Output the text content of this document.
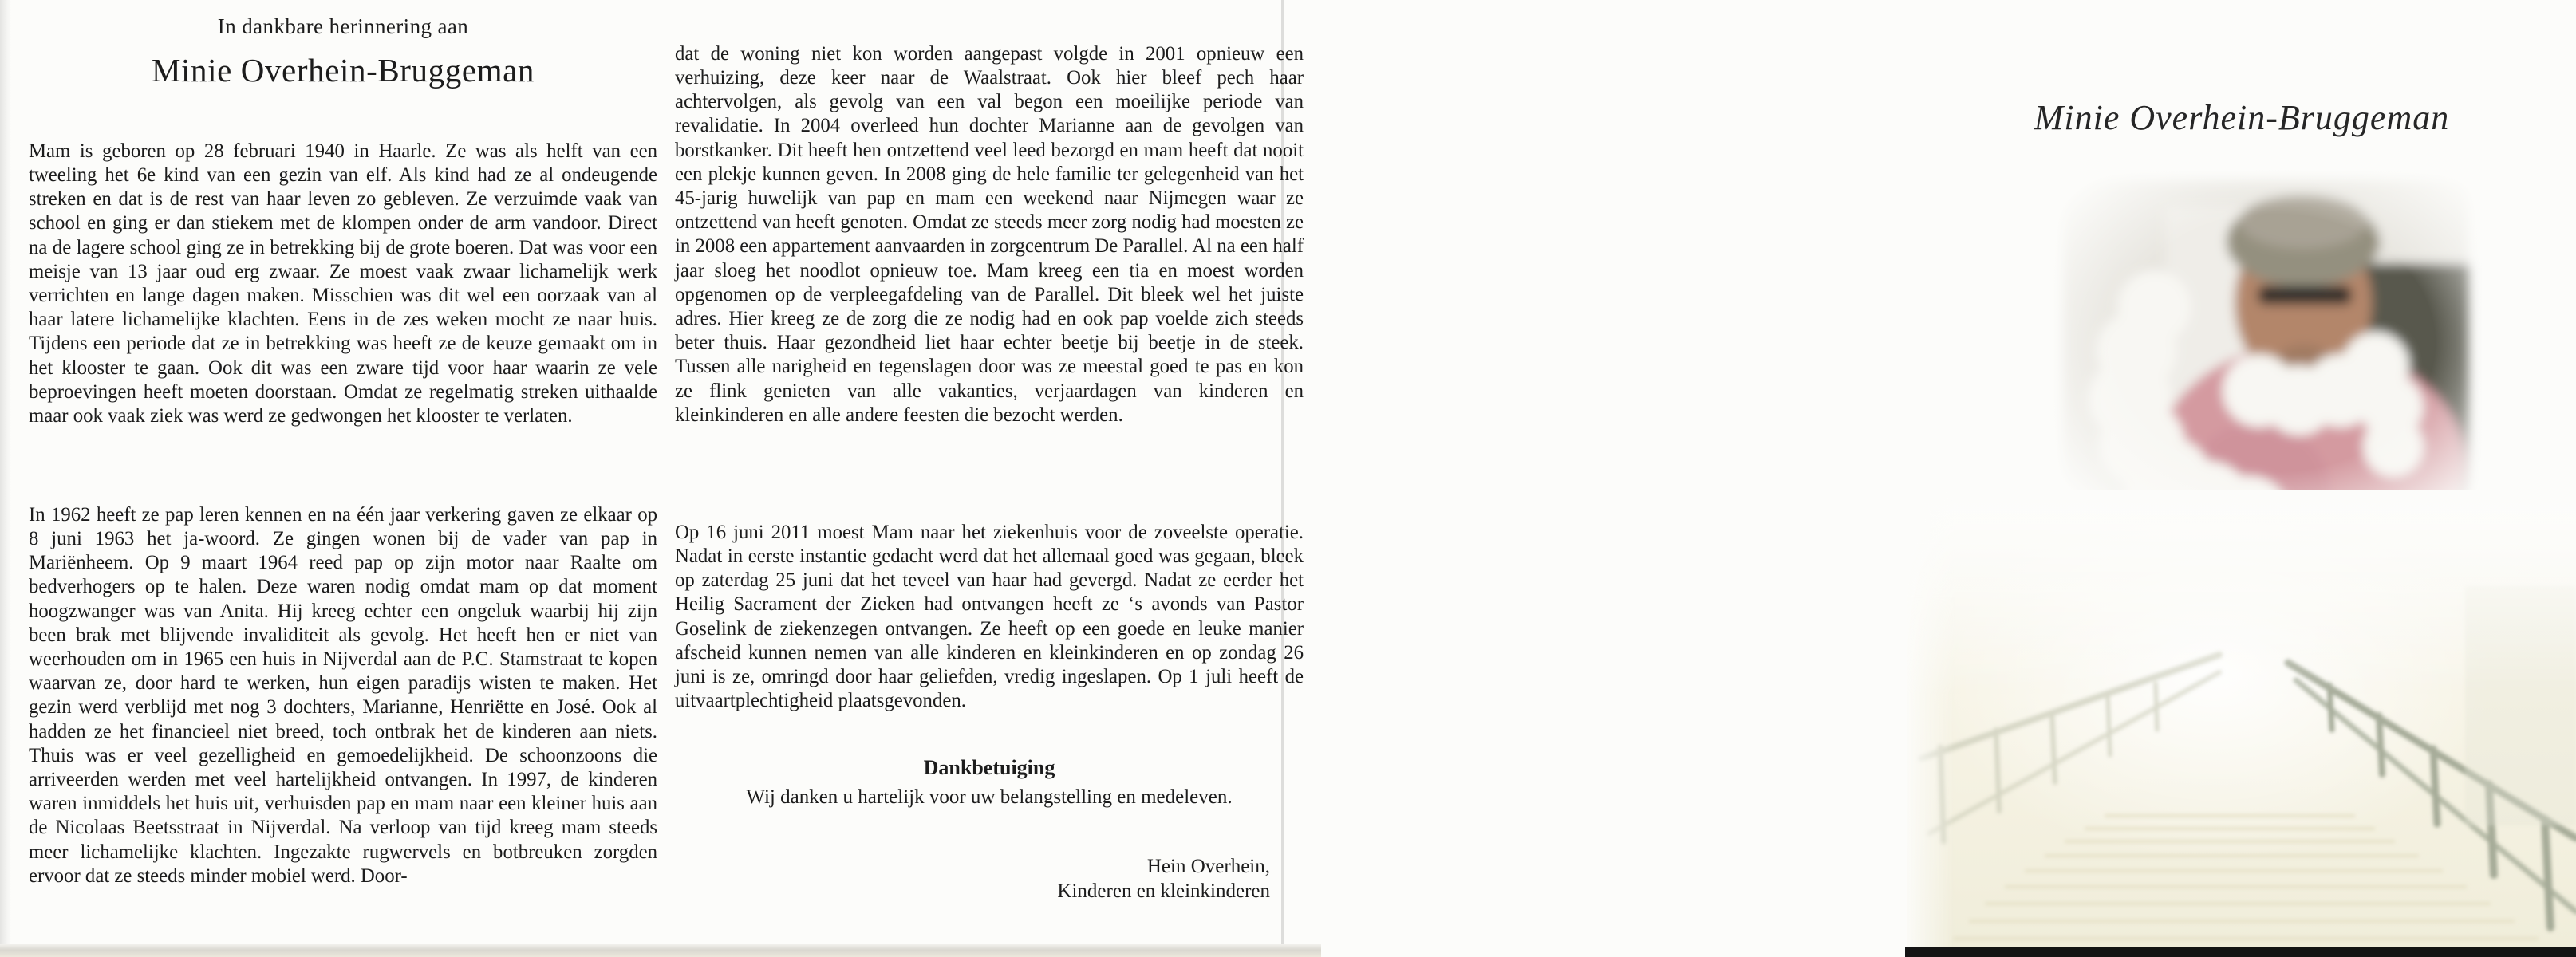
In dankbare herinnering aan
Minie Overhein-Bruggeman

Mam is geboren op 28 februari 1940 in Haarle. Ze was als helft van een tweeling het 6e kind van een gezin van elf. Als kind had ze al ondeugende streken en dat is de rest van haar leven zo gebleven. Ze verzuimde vaak van school en ging er dan stiekem met de klompen onder de arm vandoor. Direct na de lagere school ging ze in betrekking bij de grote boeren. Dat was voor een meisje van 13 jaar oud erg zwaar. Ze moest vaak zwaar lichamelijk werk verrichten en lange dagen maken. Misschien was dit wel een oorzaak van al haar latere lichamelijke klachten. Eens in de zes weken mocht ze naar huis. Tijdens een periode dat ze in betrekking was heeft ze de keuze gemaakt om in het klooster te gaan. Ook dit was een zware tijd voor haar waarin ze vele beproevingen heeft moeten doorstaan. Omdat ze regelmatig streken uithaalde maar ook vaak ziek was werd ze gedwongen het klooster te verlaten.

In 1962 heeft ze pap leren kennen en na één jaar verkering gaven ze elkaar op 8 juni 1963 het ja-woord. Ze gingen wonen bij de vader van pap in Mariënheem. Op 9 maart 1964 reed pap op zijn motor naar Raalte om bedverhogers op te halen. Deze waren nodig omdat mam op dat moment hoogzwanger was van Anita. Hij kreeg echter een ongeluk waarbij hij zijn been brak met blijvende invaliditeit als gevolg. Het heeft hen er niet van weerhouden om in 1965 een huis in Nijverdal aan de P.C. Stamstraat te kopen waarvan ze, door hard te werken, hun eigen paradijs wisten te maken. Het gezin werd verblijd met nog 3 dochters, Marianne, Henriëtte en José. Ook al hadden ze het financieel niet breed, toch ontbrak het de kinderen aan niets. Thuis was er veel gezelligheid en gemoedelijkheid. De schoonzoons die arriveerden werden met veel hartelijkheid ontvangen. In 1997, de kinderen waren inmiddels het huis uit, verhuisden pap en mam naar een kleiner huis aan de Nicolaas Beetsstraat in Nijverdal. Na verloop van tijd kreeg mam steeds meer lichamelijke klachten. Ingezakte rugwervels en botbreuken zorgden ervoor dat ze steeds minder mobiel werd. Door-

dat de woning niet kon worden aangepast volgde in 2001 opnieuw een verhuizing, deze keer naar de Waalstraat. Ook hier bleef pech haar achtervolgen, als gevolg van een val begon een moeilijke periode van revalidatie. In 2004 overleed hun dochter Marianne aan de gevolgen van borstkanker. Dit heeft hen ontzettend veel leed bezorgd en mam heeft dat nooit een plekje kunnen geven. In 2008 ging de hele familie ter gelegenheid van het 45-jarig huwelijk van pap en mam een weekend naar Nijmegen waar ze ontzettend van heeft genoten. Omdat ze steeds meer zorg nodig had moesten ze in 2008 een appartement aanvaarden in zorgcentrum De Parallel. Al na een half jaar sloeg het noodlot opnieuw toe. Mam kreeg een tia en moest worden opgenomen op de verpleegafdeling van de Parallel. Dit bleek wel het juiste adres. Hier kreeg ze de zorg die ze nodig had en ook pap voelde zich steeds beter thuis. Haar gezondheid liet haar echter beetje bij beetje in de steek. Tussen alle narigheid en tegenslagen door was ze meestal goed te pas en kon ze flink genieten van alle vakanties, verjaardagen van kinderen en kleinkinderen en alle andere feesten die bezocht werden.

Op 16 juni 2011 moest Mam naar het ziekenhuis voor de zoveelste operatie. Nadat in eerste instantie gedacht werd dat het allemaal goed was gegaan, bleek op zaterdag 25 juni dat het teveel van haar had gevergd. Nadat ze eerder het Heilig Sacrament der Zieken had ontvangen heeft ze ‘s avonds van Pastor Goselink de ziekenzegen ontvangen. Ze heeft op een goede en leuke manier afscheid kunnen nemen van alle kinderen en kleinkinderen en op zondag 26 juni is ze, omringd door haar geliefden, vredig ingeslapen. Op 1 juli heeft de uitvaartplechtigheid plaatsgevonden.

Dankbetuiging
Wij danken u hartelijk voor uw belangstelling en medeleven.
Hein Overhein,
Kinderen en kleinkinderen
Minie Overhein-Bruggeman
